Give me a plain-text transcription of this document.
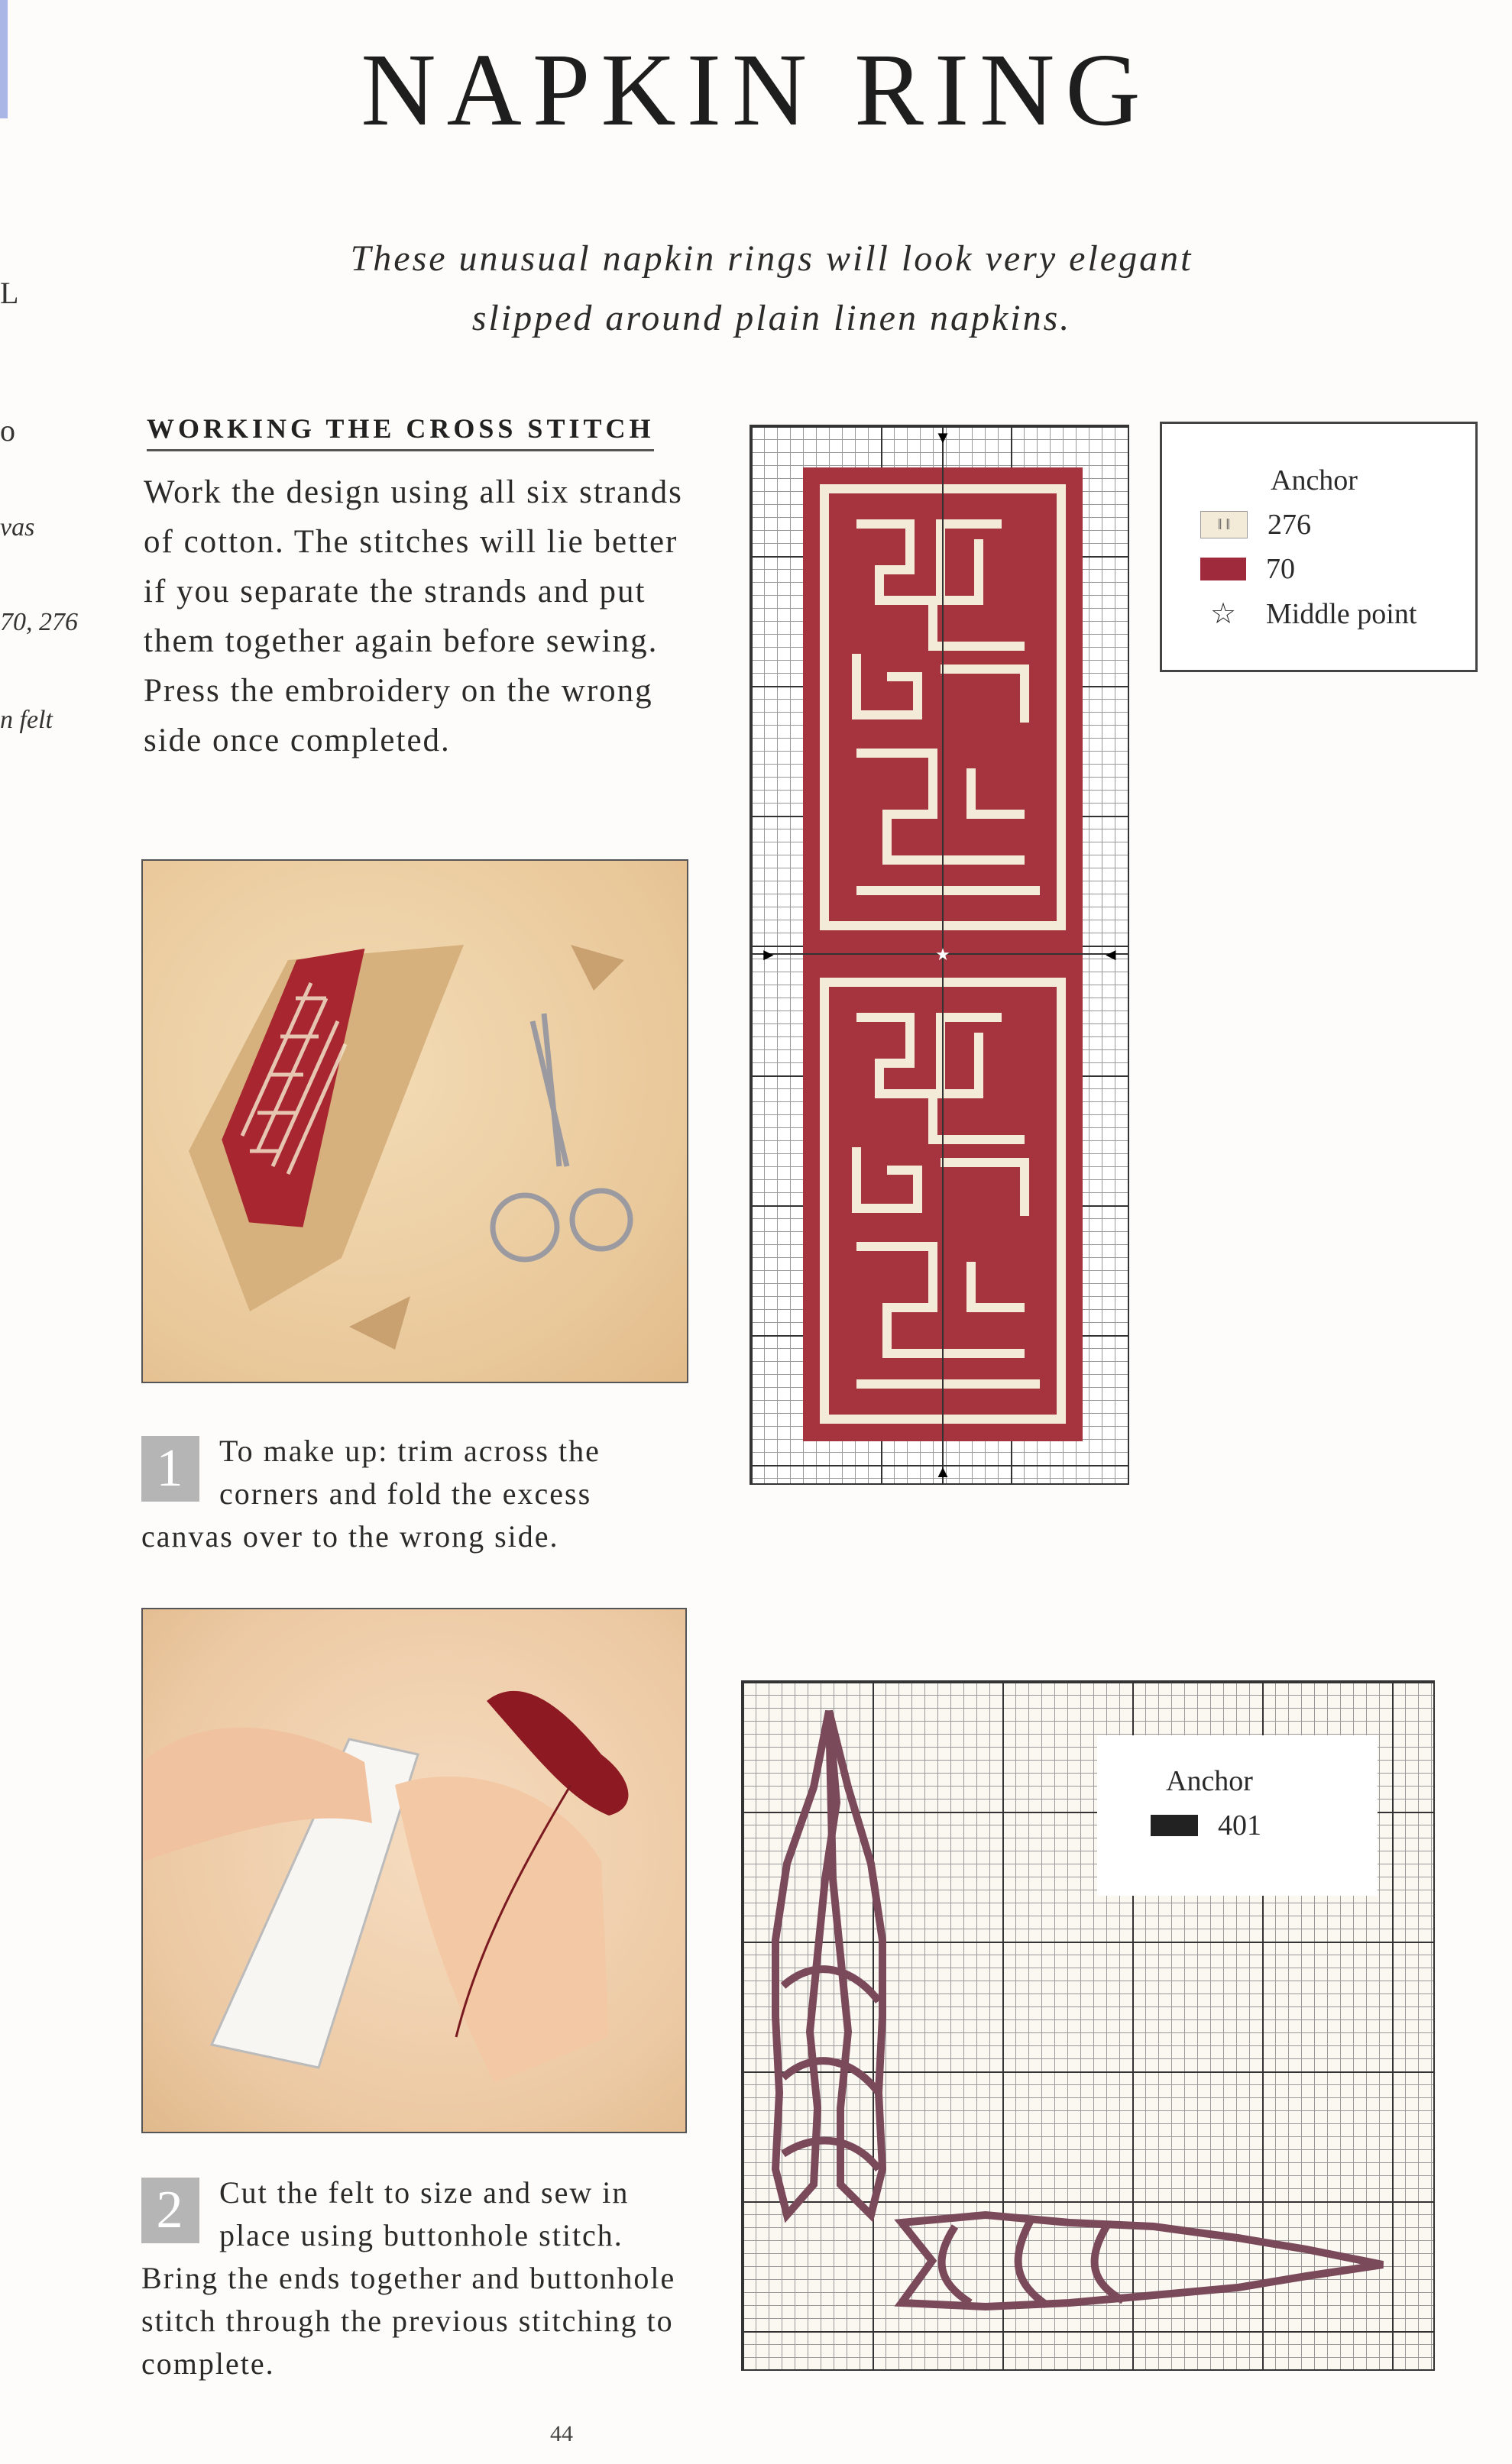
L
o
vas
70, 276
n felt
NAPKIN RING
These unusual napkin rings will look very elegant
slipped around plain linen napkins.
WORKING THE CROSS STITCH
Work the design using all six strands of cotton. The stitches will lie better if you separate the strands and put them together again before sewing. Press the embroidery on the wrong side once completed.
1	To make up: trim across the corners and fold the excess canvas over to the wrong side.
2	Cut the felt to size and sew in place using buttonhole stitch. Bring the ends together and buttonhole stitch through the previous stitching to complete.
▼
▲
►	◄
★
Anchor
ǁ ǁ	276
70
☆	Middle point
Anchor
401
44
